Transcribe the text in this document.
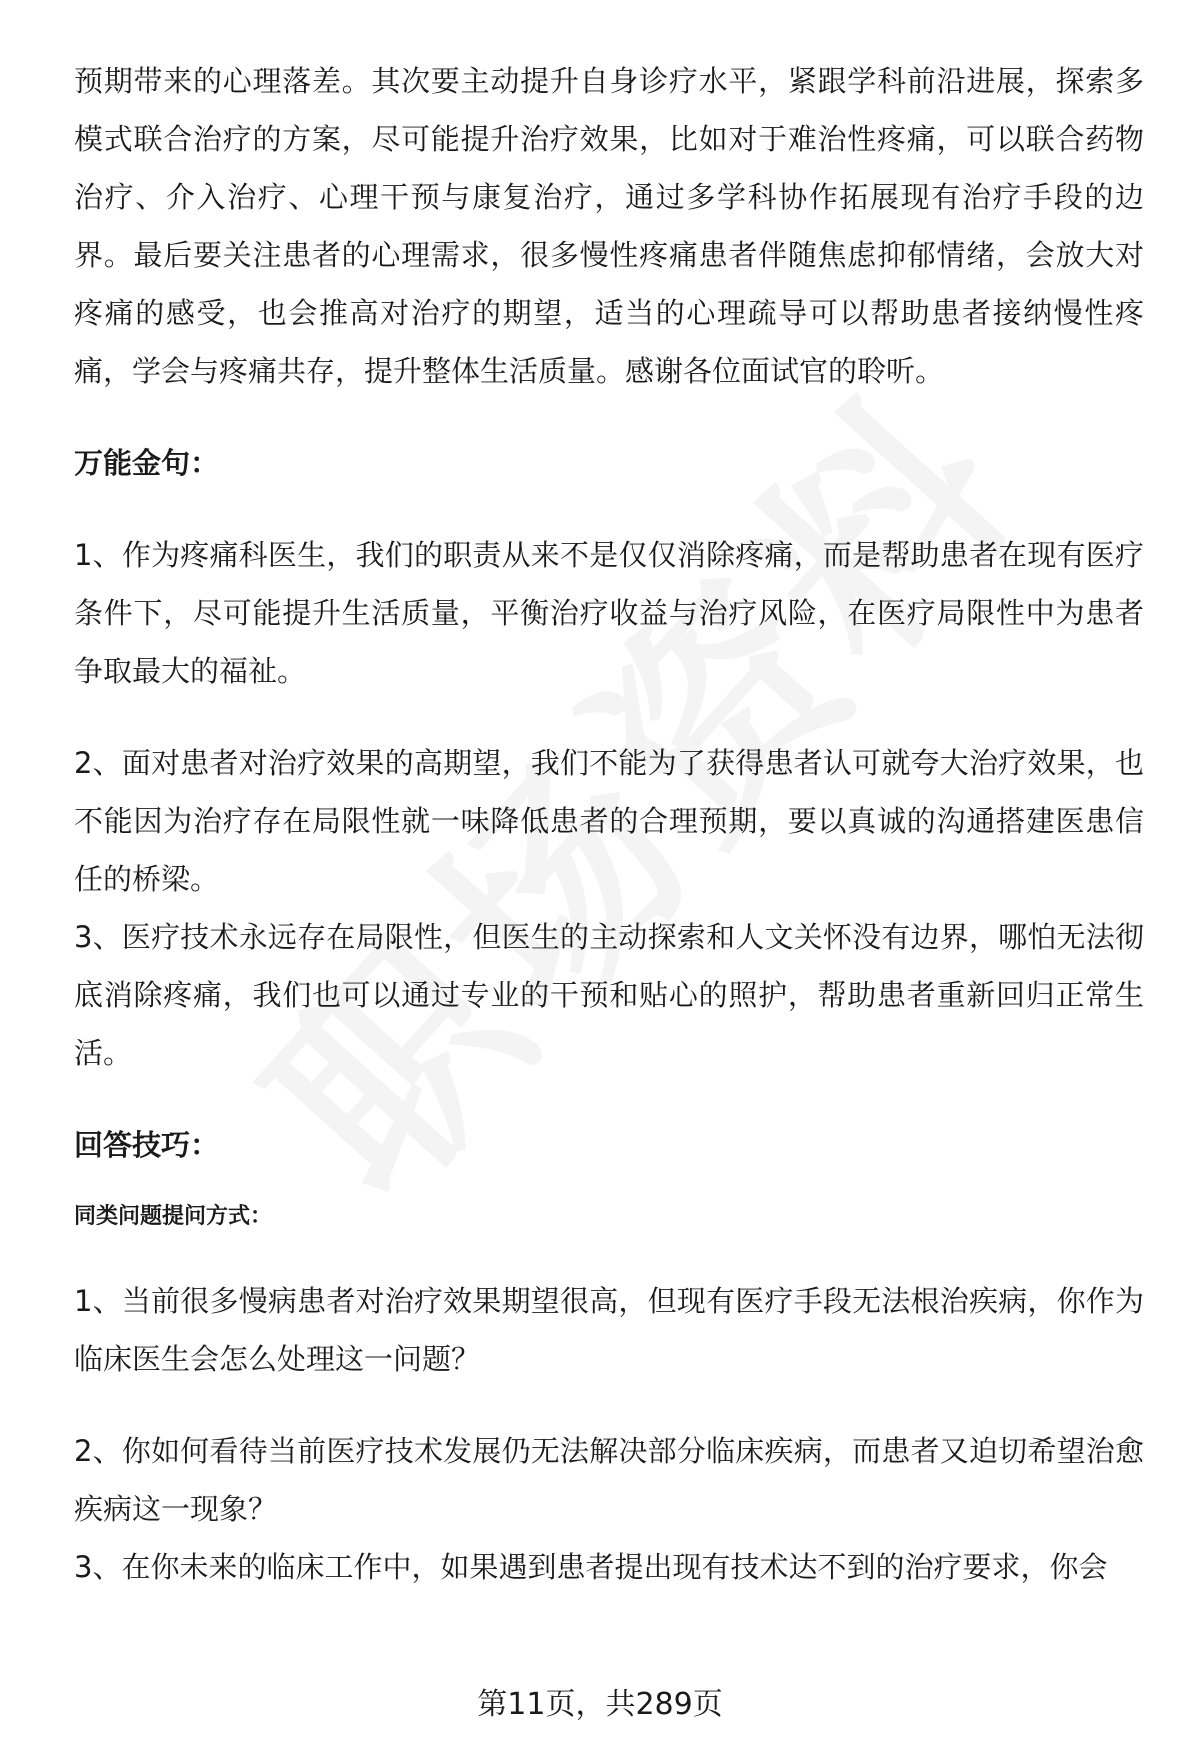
预期带来的心理落差。其次要主动提升自身诊疗水平，紧跟学科前沿进展，探索多模式联合治疗的方案，尽可能提升治疗效果，比如对于难治性疼痛，可以联合药物治疗、介入治疗、心理干预与康复治疗，通过多学科协作拓展现有治疗手段的边界。最后要关注患者的心理需求，很多慢性疼痛患者伴随焦虑抑郁情绪，会放大对疼痛的感受，也会推高对治疗的期望，适当的心理疏导可以帮助患者接纳慢性疼痛，学会与疼痛共存，提升整体生活质量。感谢各位面试官的聆听。

万能金句：

1、作为疼痛科医生，我们的职责从来不是仅仅消除疼痛，而是帮助患者在现有医疗条件下，尽可能提升生活质量，平衡治疗收益与治疗风险，在医疗局限性中为患者争取最大的福祉。

2、面对患者对治疗效果的高期望，我们不能为了获得患者认可就夸大治疗效果，也不能因为治疗存在局限性就一味降低患者的合理预期，要以真诚的沟通搭建医患信任的桥梁。

3、医疗技术永远存在局限性，但医生的主动探索和人文关怀没有边界，哪怕无法彻底消除疼痛，我们也可以通过专业的干预和贴心的照护，帮助患者重新回归正常生活。

回答技巧：

同类问题提问方式：

1、当前很多慢病患者对治疗效果期望很高，但现有医疗手段无法根治疾病，你作为临床医生会怎么处理这一问题？

2、你如何看待当前医疗技术发展仍无法解决部分临床疾病，而患者又迫切希望治愈疾病这一现象？

3、在你未来的临床工作中，如果遇到患者提出现有技术达不到的治疗要求，你会

第11页，共289页
